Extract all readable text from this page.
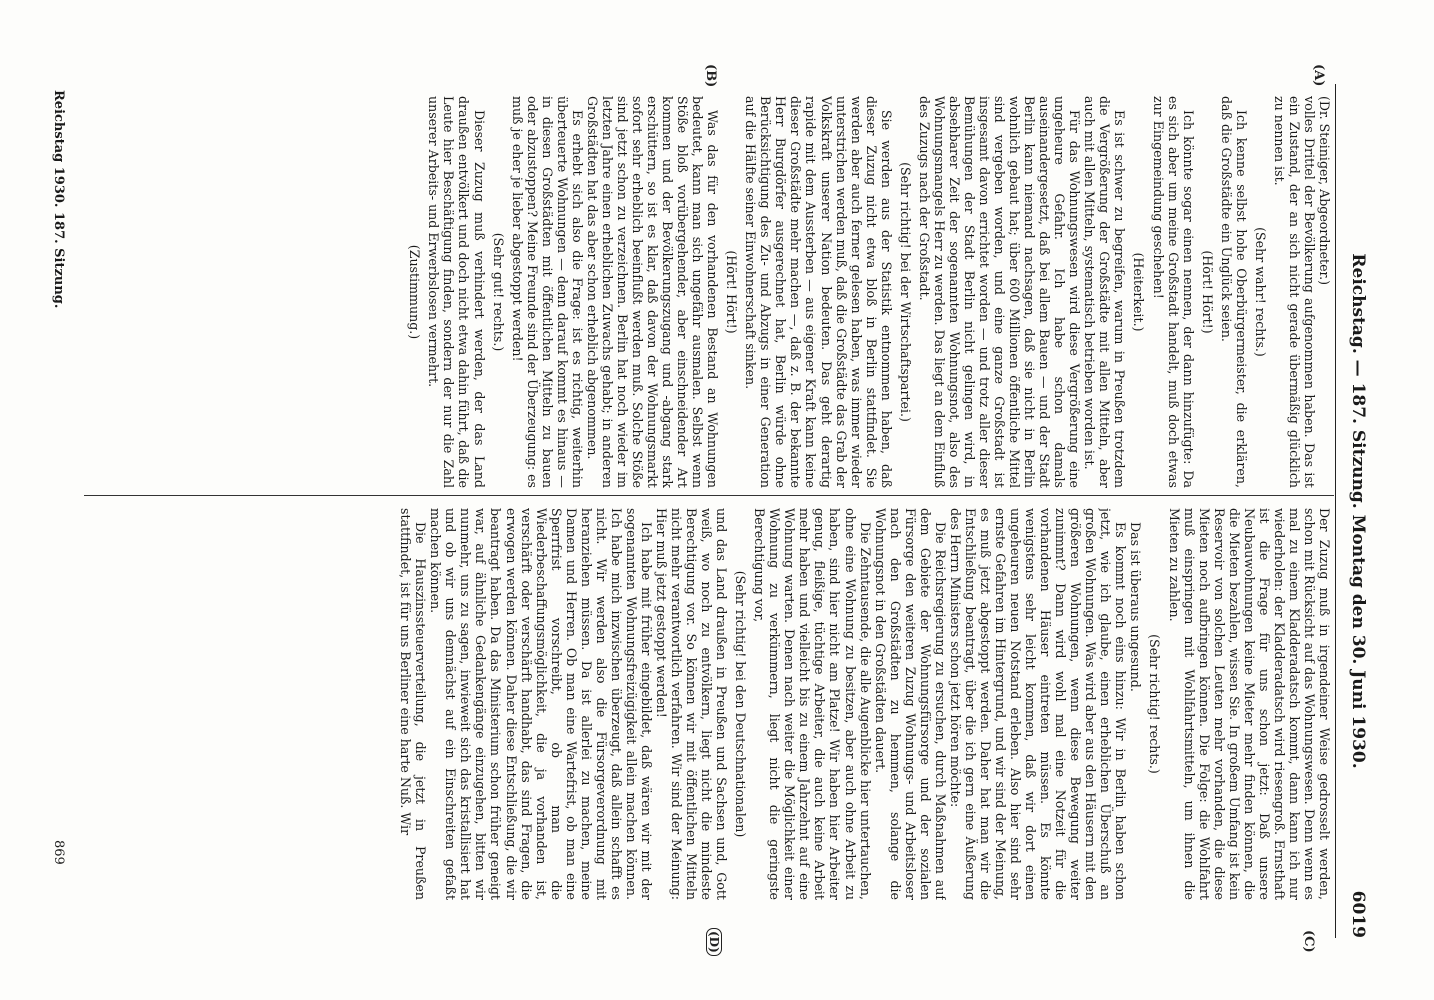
Reichstag. — 187. Sitzung. Montag den 30. Juni 1930.
6019
(A)
(B)
(C)
(D)

(Dr. Steiniger, Abgeordneter.)

volles Drittel der Bevölkerung aufgenommen haben. Das ist ein Zustand, der an sich nicht gerade übermäßig glücklich zu nennen ist.

(Sehr wahr! rechts.)

Ich kenne selbst hohe Oberbürgermeister, die erklären, daß die Großstädte ein Unglück seien.

(Hört! Hört!)

Ich könnte sogar einen nennen, der dann hinzufügte: Da es sich aber um meine Großstadt handelt, muß doch etwas zur Eingemeindung geschehen!

(Heiterkeit.)

Es ist schwer zu begreifen, warum in Preußen trotzdem die Vergrößerung der Großstädte mit allen Mitteln, aber auch mit allen Mitteln, systematisch betrieben worden ist.

Für das Wohnungswesen wird diese Vergrößerung eine ungeheure Gefahr. Ich habe schon damals auseinandergesetzt, daß bei allem Bauen — und der Stadt Berlin kann niemand nachsagen, daß sie nicht in Berlin wohnlich gebaut hat; über 600 Millionen öffentliche Mittel sind vergeben worden, und eine ganze Großstadt ist insgesamt davon errichtet worden — und trotz aller dieser Bemühungen der Stadt Berlin nicht gelingen wird, in absehbarer Zeit der sogenannten Wohnungsnot, also des Wohnungsmangels Herr zu werden. Das liegt an dem Einfluß des Zuzugs nach der Großstadt.

(Sehr richtig! bei der Wirtschaftspartei.)

Sie werden aus der Statistik entnommen haben, daß dieser Zuzug nicht etwa bloß in Berlin stattfindet. Sie werden aber auch ferner gelesen haben, was immer wieder unterstrichen werden muß, daß die Großstädte das Grab der Volkskraft unserer Nation bedeuten. Das geht derartig rapide mit dem Aussterben — aus eigener Kraft kann keine dieser Großstädte mehr machen —, daß z. B. der bekannte Herr Burgdörfer ausgerechnet hat, Berlin würde ohne Berücksichtigung des Zu- und Abzugs in einer Generation auf die Hälfte seiner Einwohnerschaft sinken.

(Hört! Hört!)

Was das für den vorhandenen Bestand an Wohnungen bedeutet, kann man sich ungefähr ausmalen. Selbst wenn Stöße bloß vorübergehender, aber einschneidender Art kommen und der Bevölkerungszugang und -abgang stark erschüttern, so ist es klar, daß davon der Wohnungsmarkt sofort sehr erheblich beeinflußt werden muß. Solche Stöße sind jetzt schon zu verzeichnen. Berlin hat noch wieder im letzten Jahre einen erheblichen Zuwachs gehabt; in anderen Großstädten hat das aber schon erheblich abgenommen.

Es erhebt sich also die Frage: ist es richtig, weiterhin überteuerte Wohnungen — denn darauf kommt es hinaus — in diesen Großstädten mit öffentlichen Mitteln zu bauen oder abzustoppen? Meine Freunde sind der Überzeugung: es muß je eher je lieber abgestoppt werden!

(Sehr gut! rechts.)

Dieser Zuzug muß verhindert werden, der das Land draußen entvölkert und doch nicht etwa dahin führt, daß die Leute hier Beschäftigung finden, sondern der nur die Zahl unserer Arbeits- und Erwerbslosen vermehrt.

(Zustimmung.)

Der Zuzug muß in irgendeiner Weise gedrosselt werden, schon mit Rücksicht auf das Wohnungswesen. Denn wenn es mal zu einem Kladderadatsch kommt, dann kann ich nur wiederholen: der Kladderadatsch wird riesengroß. Ernsthaft ist die Frage für uns schon jetzt: Daß unsere Neubauwohnungen keine Mieter mehr finden können, die die Mieten bezahlen, wissen Sie. In großem Umfang ist kein Reservoir von solchen Leuten mehr vorhanden, die diese Mieten noch aufbringen können. Die Folge: die Wohlfahrt muß einspringen mit Wohlfahrtsmitteln, um ihnen die Mieten zu zahlen.

(Sehr richtig! rechts.)

Das ist überaus ungesund.

Es kommt noch eins hinzu: Wir in Berlin haben schon jetzt, wie ich glaube, einen erheblichen Überschuß an großen Wohnungen. Was wird aber aus den Häusern mit den größeren Wohnungen, wenn diese Bewegung weiter zunimmt? Dann wird wohl mal eine Notzeit für die vorhandenen Häuser eintreten müssen. Es könnte wenigstens sehr leicht kommen, daß wir dort einen ungeheuren neuen Notstand erleben. Also hier sind sehr ernste Gefahren im Hintergrund, und wir sind der Meinung, es muß jetzt abgestoppt werden. Daher hat man wir die Entschließung beantragt, über die ich gern eine Äußerung des Herrn Ministers schon jetzt hören möchte:

Die Reichsregierung zu ersuchen, durch Maßnahmen auf dem Gebiete der Wohnungsfürsorge und der sozialen Fürsorge den weiteren Zuzug Wohnungs- und Arbeitsloser nach den Großstädten zu hemmen, solange die Wohnungsnot in den Großstädten dauert.

Die Zehntausende, die alle Augenblicke hier untertauchen, ohne eine Wohnung zu besitzen, aber auch ohne Arbeit zu haben, sind hier nicht am Platze! Wir haben hier Arbeiter genug, fleißige, tüchtige Arbeiter, die auch keine Arbeit mehr haben und vielleicht bis zu einem Jahrzehnt auf eine Wohnung warten. Denen nach weiter die Möglichkeit einer Wohnung zu verkümmern, liegt nicht die geringste Berechtigung vor,

(Sehr richtig! bei den Deutschnationalen)

und das Land draußen in Preußen und Sachsen und, Gott weiß, wo noch zu entvölkern, liegt nicht die mindeste Berechtigung vor. So können wir mit öffentlichen Mitteln nicht mehr verantwortlich verfahren. Wir sind der Meinung: Hier muß jetzt gestoppt werden!

Ich habe mit früher eingebildet, daß wären wir mit der sogenannten Wohnungsfreizügigkeit allein machen können. Ich habe mich inzwischen überzeugt, daß allein schafft es nicht. Wir werden also die Fürsorgeverordnung mit heranziehen müssen. Da ist allerlei zu machen, meine Damen und Herren. Ob man eine Wartefrist, ob man eine Sperrfrist vorschreibt, ob man die Wiederbeschaffungsmöglichkeit, die ja vorhanden ist, verschärft oder verschärft handhabt, das sind Fragen, die erwogen werden können. Daher diese Entschließung, die wir beantragt haben. Da das Ministerium schon früher geneigt war, auf ähnliche Gedankengänge einzugehen, bitten wir nunmehr, uns zu sagen, inwieweit sich das kristallisiert hat und ob wir uns demnächst auf ein Einschreiten gefaßt machen können.

Die Hauszinssteuerverteilung, die jetzt in Preußen stattfindet, ist für uns Berliner eine harte Nuß. Wir

Reichstag 1930. 187. Sitzung.
869
